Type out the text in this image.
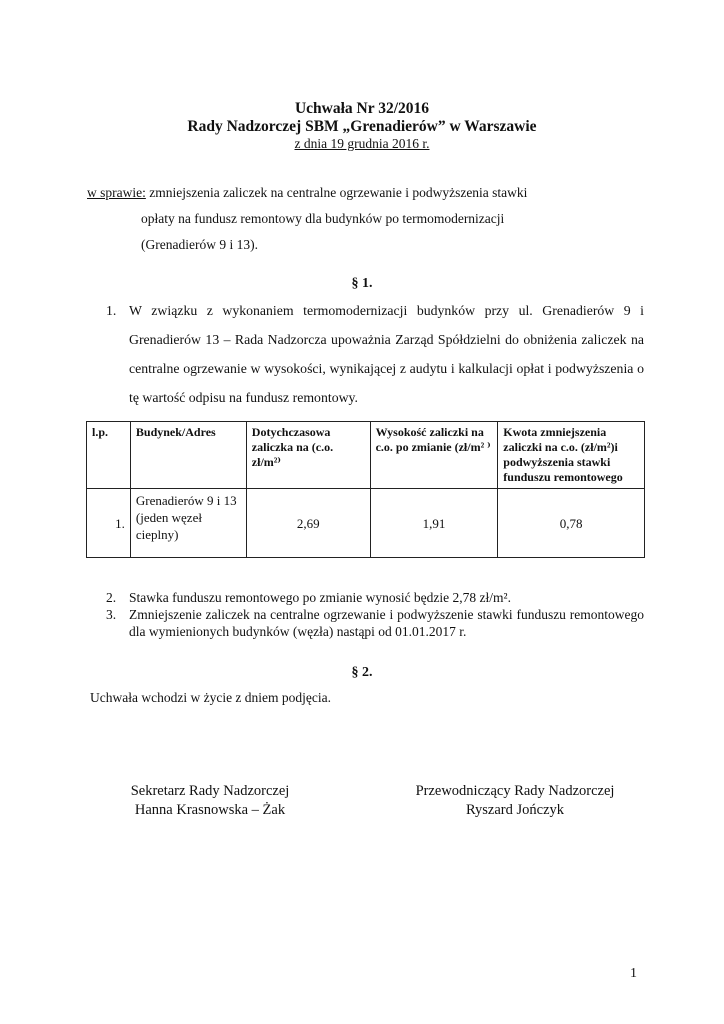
Uchwała Nr 32/2016
Rady Nadzorczej SBM „Grenadierów” w Warszawie
z dnia 19 grudnia 2016 r.
w sprawie: zmniejszenia zaliczek na centralne ogrzewanie i podwyższenia stawki
opłaty na fundusz remontowy dla budynków po termomodernizacji
(Grenadierów 9 i 13).
§ 1.
1. W związku z wykonaniem termomodernizacji budynków przy ul. Grenadierów 9 i Grenadierów 13 – Rada Nadzorcza upoważnia Zarząd Spółdzielni do obniżenia zaliczek na centralne ogrzewanie w wysokości, wynikającej z audytu i kalkulacji opłat i podwyższenia o tę wartość odpisu na fundusz remontowy.
l.p.	Budynek/Adres	Dotychczasowa zaliczka na (c.o. zł/m²⁾	Wysokość zaliczki na c.o. po zmianie (zł/m² ⁾	Kwota zmniejszenia zaliczki na c.o. (zł/m²)i podwyższenia stawki funduszu remontowego
1.	Grenadierów 9 i 13 (jeden węzeł cieplny)	2,69	1,91	0,78
2. Stawka funduszu remontowego po zmianie wynosić będzie 2,78 zł/m².
3. Zmniejszenie zaliczek na centralne ogrzewanie i podwyższenie stawki funduszu remontowego dla wymienionych budynków (węzła) nastąpi od 01.01.2017 r.
§ 2.
Uchwała wchodzi w życie z dniem podjęcia.
Sekretarz Rady Nadzorczej
Hanna Krasnowska – Żak
Przewodniczący Rady Nadzorczej
Ryszard Jończyk
1
